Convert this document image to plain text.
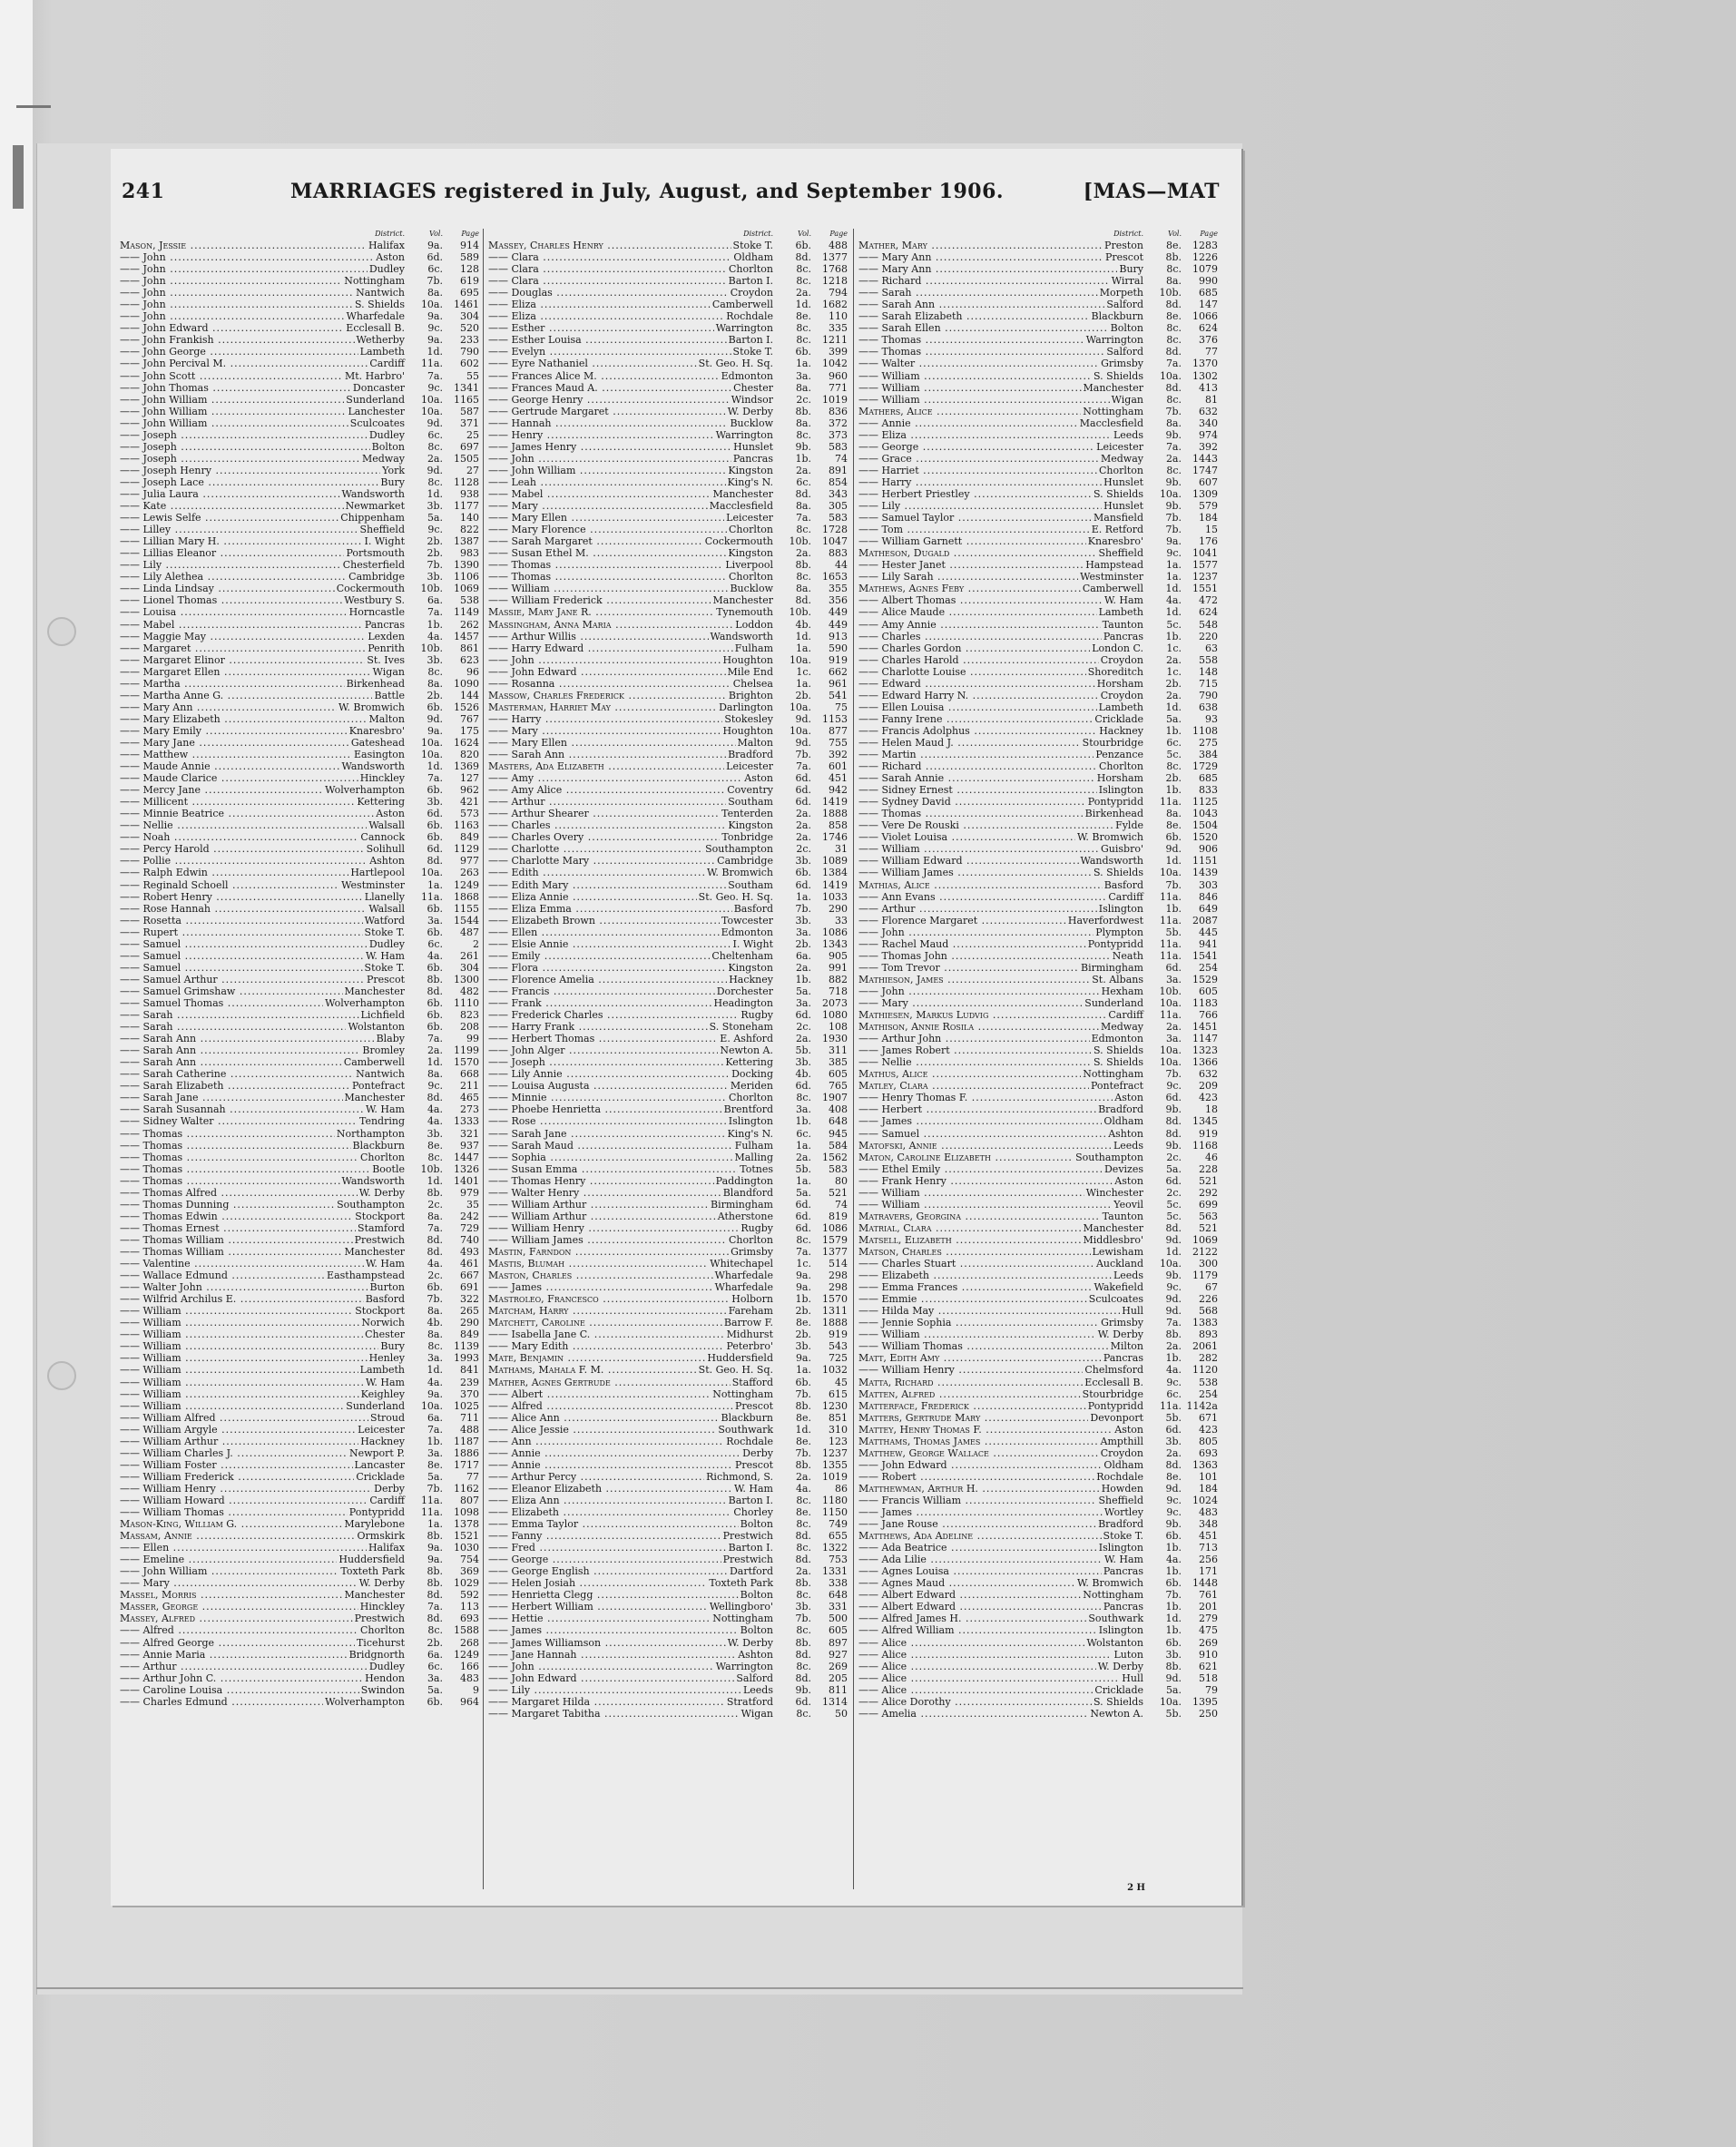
241	MARRIAGES registered in July, August, and September 1906.	[MAS—MAT
District.	Vol.	Page
Mason, Jessie .....	Halifax	9a.	914
—— John .....	Aston	6d.	589
—— John .....	Dudley	6c.	128
—— John .....	Nottingham	7b.	619
—— John .....	Nantwich	8a.	695
—— John .....	S. Shields	10a.	1461
—— John .....	Wharfedale	9a.	304
—— John Edward .....	Ecclesall B.	9c.	520
—— John Frankish .....	Wetherby	9a.	233
—— John George .....	Lambeth	1d.	790
—— John Percival M. .....	Cardiff	11a.	602
—— John Scott .....	Mt. Harbro'	7a.	55
—— John Thomas .....	Doncaster	9c.	1341
—— John William .....	Sunderland	10a.	1165
—— John William .....	Lanchester	10a.	587
—— John William .....	Sculcoates	9d.	371
—— Joseph .....	Dudley	6c.	25
—— Joseph .....	Bolton	8c.	697
—— Joseph .....	Medway	2a.	1505
—— Joseph Henry .....	York	9d.	27
—— Joseph Lace .....	Bury	8c.	1128
—— Julia Laura .....	Wandsworth	1d.	938
—— Kate .....	Newmarket	3b.	1177
—— Lewis Selfe .....	Chippenham	5a.	140
—— Lilley .....	Sheffield	9c.	822
—— Lillian Mary H. .....	I. Wight	2b.	1387
—— Lillias Eleanor .....	Portsmouth	2b.	983
—— Lily .....	Chesterfield	7b.	1390
—— Lily Alethea .....	Cambridge	3b.	1106
—— Linda Lindsay .....	Cockermouth	10b.	1069
—— Lionel Thomas .....	Westbury S.	6a.	538
—— Louisa .....	Horncastle	7a.	1149
—— Mabel .....	Pancras	1b.	262
—— Maggie May .....	Lexden	4a.	1457
—— Margaret .....	Penrith	10b.	861
—— Margaret Elinor .....	St. Ives	3b.	623
—— Margaret Ellen .....	Wigan	8c.	96
—— Martha .....	Birkenhead	8a.	1090
—— Martha Anne G. .....	Battle	2b.	144
—— Mary Ann .....	W. Bromwich	6b.	1526
—— Mary Elizabeth .....	Malton	9d.	767
—— Mary Emily .....	Knaresbro'	9a.	175
—— Mary Jane .....	Gateshead	10a.	1624
—— Matthew .....	Easington	10a.	820
—— Maude Annie .....	Wandsworth	1d.	1369
—— Maude Clarice .....	Hinckley	7a.	127
—— Mercy Jane .....	Wolverhampton	6b.	962
—— Millicent .....	Kettering	3b.	421
—— Minnie Beatrice .....	Aston	6d.	573
—— Nellie .....	Walsall	6b.	1163
—— Noah .....	Cannock	6b.	849
—— Percy Harold .....	Solihull	6d.	1129
—— Pollie .....	Ashton	8d.	977
—— Ralph Edwin .....	Hartlepool	10a.	263
—— Reginald Schoell .....	Westminster	1a.	1249
—— Robert Henry .....	Llanelly	11a.	1868
—— Rose Hannah .....	Walsall	6b.	1155
—— Rosetta .....	Watford	3a.	1544
—— Rupert .....	Stoke T.	6b.	487
—— Samuel .....	Dudley	6c.	2
—— Samuel .....	W. Ham	4a.	261
—— Samuel .....	Stoke T.	6b.	304
—— Samuel Arthur .....	Prescot	8b.	1300
—— Samuel Grimshaw .....	Manchester	8d.	482
—— Samuel Thomas .....	Wolverhampton	6b.	1110
—— Sarah .....	Lichfield	6b.	823
—— Sarah .....	Wolstanton	6b.	208
—— Sarah Ann .....	Blaby	7a.	99
—— Sarah Ann .....	Bromley	2a.	1199
—— Sarah Ann .....	Camberwell	1d.	1570
—— Sarah Catherine .....	Nantwich	8a.	668
—— Sarah Elizabeth .....	Pontefract	9c.	211
—— Sarah Jane .....	Manchester	8d.	465
—— Sarah Susannah .....	W. Ham	4a.	273
—— Sidney Walter .....	Tendring	4a.	1333
—— Thomas .....	Northampton	3b.	321
—— Thomas .....	Blackburn	8e.	937
—— Thomas .....	Chorlton	8c.	1447
—— Thomas .....	Bootle	10b.	1326
—— Thomas .....	Wandsworth	1d.	1401
—— Thomas Alfred .....	W. Derby	8b.	979
—— Thomas Dunning .....	Southampton	2c.	35
—— Thomas Edwin .....	Stockport	8a.	242
—— Thomas Ernest .....	Stamford	7a.	729
—— Thomas William .....	Prestwich	8d.	740
—— Thomas William .....	Manchester	8d.	493
—— Valentine .....	W. Ham	4a.	461
—— Wallace Edmund .....	Easthampstead	2c.	667
—— Walter John .....	Burton	6b.	691
—— Wilfrid Archilus E. .....	Basford	7b.	322
—— William .....	Stockport	8a.	265
—— William .....	Norwich	4b.	290
—— William .....	Chester	8a.	849
—— William .....	Bury	8c.	1139
—— William .....	Henley	3a.	1993
—— William .....	Lambeth	1d.	841
—— William .....	W. Ham	4a.	239
—— William .....	Keighley	9a.	370
—— William .....	Sunderland	10a.	1025
—— William Alfred .....	Stroud	6a.	711
—— William Argyle .....	Leicester	7a.	488
—— William Arthur .....	Hackney	1b.	1187
—— William Charles J. .....	Newport P.	3a.	1886
—— William Foster .....	Lancaster	8e.	1717
—— William Frederick .....	Cricklade	5a.	77
—— William Henry .....	Derby	7b.	1162
—— William Howard .....	Cardiff	11a.	807
—— William Thomas .....	Pontypridd	11a.	1098
Mason-King, William G. .....	Marylebone	1a.	1378
Massam, Annie .....	Ormskirk	8b.	1521
—— Ellen .....	Halifax	9a.	1030
—— Emeline .....	Huddersfield	9a.	754
—— John William .....	Toxteth Park	8b.	369
—— Mary .....	W. Derby	8b.	1029
Massel, Morris .....	Manchester	8d.	592
Masser, George .....	Hinckley	7a.	113
Massey, Alfred .....	Prestwich	8d.	693
—— Alfred .....	Chorlton	8c.	1588
—— Alfred George .....	Ticehurst	2b.	268
—— Annie Maria .....	Bridgnorth	6a.	1249
—— Arthur .....	Dudley	6c.	166
—— Arthur John C. .....	Hendon	3a.	483
—— Caroline Louisa .....	Swindon	5a.	9
—— Charles Edmund .....	Wolverhampton	6b.	964
District.	Vol.	Page
Massey, Charles Henry .....	Stoke T.	6b.	488
—— Clara .....	Oldham	8d.	1377
—— Clara .....	Chorlton	8c.	1768
—— Clara .....	Barton I.	8c.	1218
—— Douglas .....	Croydon	2a.	794
—— Eliza .....	Camberwell	1d.	1682
—— Eliza .....	Rochdale	8e.	110
—— Esther .....	Warrington	8c.	335
—— Esther Louisa .....	Barton I.	8c.	1211
—— Evelyn .....	Stoke T.	6b.	399
—— Eyre Nathaniel .....	St. Geo. H. Sq.	1a.	1042
—— Frances Alice M. .....	Edmonton	3a.	960
—— Frances Maud A. .....	Chester	8a.	771
—— George Henry .....	Windsor	2c.	1019
—— Gertrude Margaret .....	W. Derby	8b.	836
—— Hannah .....	Bucklow	8a.	372
—— Henry .....	Warrington	8c.	373
—— James Henry .....	Hunslet	9b.	583
—— John .....	Pancras	1b.	74
—— John William .....	Kingston	2a.	891
—— Leah .....	King's N.	6c.	854
—— Mabel .....	Manchester	8d.	343
—— Mary .....	Macclesfield	8a.	305
—— Mary Ellen .....	Leicester	7a.	583
—— Mary Florence .....	Chorlton	8c.	1728
—— Sarah Margaret .....	Cockermouth	10b.	1047
—— Susan Ethel M. .....	Kingston	2a.	883
—— Thomas .....	Liverpool	8b.	44
—— Thomas .....	Chorlton	8c.	1653
—— William .....	Bucklow	8a.	355
—— William Frederick .....	Manchester	8d.	356
Massie, Mary Jane R. .....	Tynemouth	10b.	449
Massingham, Anna Maria .....	Loddon	4b.	449
—— Arthur Willis .....	Wandsworth	1d.	913
—— Harry Edward .....	Fulham	1a.	590
—— John .....	Houghton	10a.	919
—— John Edward .....	Mile End	1c.	662
—— Rosanna .....	Chelsea	1a.	961
Massow, Charles Frederick .....	Brighton	2b.	541
Masterman, Harriet May .....	Darlington	10a.	75
—— Harry .....	Stokesley	9d.	1153
—— Mary .....	Houghton	10a.	877
—— Mary Ellen .....	Malton	9d.	755
—— Sarah Ann .....	Bradford	7b.	392
Masters, Ada Elizabeth .....	Leicester	7a.	601
—— Amy .....	Aston	6d.	451
—— Amy Alice .....	Coventry	6d.	942
—— Arthur .....	Southam	6d.	1419
—— Arthur Shearer .....	Tenterden	2a.	1888
—— Charles .....	Kingston	2a.	858
—— Charles Overy .....	Tonbridge	2a.	1746
—— Charlotte .....	Southampton	2c.	31
—— Charlotte Mary .....	Cambridge	3b.	1089
—— Edith .....	W. Bromwich	6b.	1384
—— Edith Mary .....	Southam	6d.	1419
—— Eliza Annie .....	St. Geo. H. Sq.	1a.	1033
—— Eliza Emma .....	Basford	7b.	290
—— Elizabeth Brown .....	Towcester	3b.	33
—— Ellen .....	Edmonton	3a.	1086
—— Elsie Annie .....	I. Wight	2b.	1343
—— Emily .....	Cheltenham	6a.	905
—— Flora .....	Kingston	2a.	991
—— Florence Amelia .....	Hackney	1b.	882
—— Francis .....	Dorchester	5a.	718
—— Frank .....	Headington	3a.	2073
—— Frederick Charles .....	Rugby	6d.	1080
—— Harry Frank .....	S. Stoneham	2c.	108
—— Herbert Thomas .....	E. Ashford	2a.	1930
—— John Alger .....	Newton A.	5b.	311
—— Joseph .....	Kettering	3b.	385
—— Lily Annie .....	Docking	4b.	605
—— Louisa Augusta .....	Meriden	6d.	765
—— Minnie .....	Chorlton	8c.	1907
—— Phoebe Henrietta .....	Brentford	3a.	408
—— Rose .....	Islington	1b.	648
—— Sarah Jane .....	King's N.	6c.	945
—— Sarah Maud .....	Fulham	1a.	584
—— Sophia .....	Malling	2a.	1562
—— Susan Emma .....	Totnes	5b.	583
—— Thomas Henry .....	Paddington	1a.	80
—— Walter Henry .....	Blandford	5a.	521
—— William Arthur .....	Birmingham	6d.	74
—— William Arthur .....	Atherstone	6d.	819
—— William Henry .....	Rugby	6d.	1086
—— William James .....	Chorlton	8c.	1579
Mastin, Farndon .....	Grimsby	7a.	1377
Mastis, Blumah .....	Whitechapel	1c.	514
Maston, Charles .....	Wharfedale	9a.	298
—— James .....	Wharfedale	9a.	298
Mastroleo, Francesco .....	Holborn	1b.	1570
Matcham, Harry .....	Fareham	2b.	1311
Matchett, Caroline .....	Barrow F.	8e.	1888
—— Isabella Jane C. .....	Midhurst	2b.	919
—— Mary Edith .....	Peterbro'	3b.	543
Mate, Benjamin .....	Huddersfield	9a.	725
Mathams, Mahala F. M. .....	St. Geo. H. Sq.	1a.	1032
Mather, Agnes Gertrude .....	Stafford	6b.	45
—— Albert .....	Nottingham	7b.	615
—— Alfred .....	Prescot	8b.	1230
—— Alice Ann .....	Blackburn	8e.	851
—— Alice Jessie .....	Southwark	1d.	310
—— Ann .....	Rochdale	8e.	123
—— Annie .....	Derby	7b.	1237
—— Annie .....	Prescot	8b.	1355
—— Arthur Percy .....	Richmond, S.	2a.	1019
—— Eleanor Elizabeth .....	W. Ham	4a.	86
—— Eliza Ann .....	Barton I.	8c.	1180
—— Elizabeth .....	Chorley	8e.	1150
—— Emma Taylor .....	Bolton	8c.	749
—— Fanny .....	Prestwich	8d.	655
—— Fred .....	Barton I.	8c.	1322
—— George .....	Prestwich	8d.	753
—— George English .....	Dartford	2a.	1331
—— Helen Josiah .....	Toxteth Park	8b.	338
—— Henrietta Clegg .....	Bolton	8c.	648
—— Herbert William .....	Wellingboro'	3b.	331
—— Hettie .....	Nottingham	7b.	500
—— James .....	Bolton	8c.	605
—— James Williamson .....	W. Derby	8b.	897
—— Jane Hannah .....	Ashton	8d.	927
—— John .....	Warrington	8c.	269
—— John Edward .....	Salford	8d.	205
—— Lily .....	Leeds	9b.	811
—— Margaret Hilda .....	Stratford	6d.	1314
—— Margaret Tabitha .....	Wigan	8c.	50
District.	Vol.	Page
Mather, Mary .....	Preston	8e.	1283
—— Mary Ann .....	Prescot	8b.	1226
—— Mary Ann .....	Bury	8c.	1079
—— Richard .....	Wirral	8a.	990
—— Sarah .....	Morpeth	10b.	685
—— Sarah Ann .....	Salford	8d.	147
—— Sarah Elizabeth .....	Blackburn	8e.	1066
—— Sarah Ellen .....	Bolton	8c.	624
—— Thomas .....	Warrington	8c.	376
—— Thomas .....	Salford	8d.	77
—— Walter .....	Grimsby	7a.	1370
—— William .....	S. Shields	10a.	1302
—— William .....	Manchester	8d.	413
—— William .....	Wigan	8c.	81
Mathers, Alice .....	Nottingham	7b.	632
—— Annie .....	Macclesfield	8a.	340
—— Eliza .....	Leeds	9b.	974
—— George .....	Leicester	7a.	392
—— Grace .....	Medway	2a.	1443
—— Harriet .....	Chorlton	8c.	1747
—— Harry .....	Hunslet	9b.	607
—— Herbert Priestley .....	S. Shields	10a.	1309
—— Lily .....	Hunslet	9b.	579
—— Samuel Taylor .....	Mansfield	7b.	184
—— Tom .....	E. Retford	7b.	15
—— William Garnett .....	Knaresbro'	9a.	176
Matheson, Dugald .....	Sheffield	9c.	1041
—— Hester Janet .....	Hampstead	1a.	1577
—— Lily Sarah .....	Westminster	1a.	1237
Mathews, Agnes Feby .....	Camberwell	1d.	1551
—— Albert Thomas .....	W. Ham	4a.	472
—— Alice Maude .....	Lambeth	1d.	624
—— Amy Annie .....	Taunton	5c.	548
—— Charles .....	Pancras	1b.	220
—— Charles Gordon .....	London C.	1c.	63
—— Charles Harold .....	Croydon	2a.	558
—— Charlotte Louise .....	Shoreditch	1c.	148
—— Edward .....	Horsham	2b.	715
—— Edward Harry N. .....	Croydon	2a.	790
—— Ellen Louisa .....	Lambeth	1d.	638
—— Fanny Irene .....	Cricklade	5a.	93
—— Francis Adolphus .....	Hackney	1b.	1108
—— Helen Maud J. .....	Stourbridge	6c.	275
—— Martin .....	Penzance	5c.	384
—— Richard .....	Chorlton	8c.	1729
—— Sarah Annie .....	Horsham	2b.	685
—— Sidney Ernest .....	Islington	1b.	833
—— Sydney David .....	Pontypridd	11a.	1125
—— Thomas .....	Birkenhead	8a.	1043
—— Vere De Rouski .....	Fylde	8e.	1504
—— Violet Louisa .....	W. Bromwich	6b.	1520
—— William .....	Guisbro'	9d.	906
—— William Edward .....	Wandsworth	1d.	1151
—— William James .....	S. Shields	10a.	1439
Mathias, Alice .....	Basford	7b.	303
—— Ann Evans .....	Cardiff	11a.	846
—— Arthur .....	Islington	1b.	649
—— Florence Margaret .....	Haverfordwest	11a.	2087
—— John .....	Plympton	5b.	445
—— Rachel Maud .....	Pontypridd	11a.	941
—— Thomas John .....	Neath	11a.	1541
—— Tom Trevor .....	Birmingham	6d.	254
Mathieson, James .....	St. Albans	3a.	1529
—— John .....	Hexham	10b.	605
—— Mary .....	Sunderland	10a.	1183
Mathiesen, Markus Ludvig .....	Cardiff	11a.	766
Mathison, Annie Rosila .....	Medway	2a.	1451
—— Arthur John .....	Edmonton	3a.	1147
—— James Robert .....	S. Shields	10a.	1323
—— Nellie .....	S. Shields	10a.	1366
Mathus, Alice .....	Nottingham	7b.	632
Matley, Clara .....	Pontefract	9c.	209
—— Henry Thomas F. .....	Aston	6d.	423
—— Herbert .....	Bradford	9b.	18
—— James .....	Oldham	8d.	1345
—— Samuel .....	Ashton	8d.	919
Matofski, Annie .....	Leeds	9b.	1168
Maton, Caroline Elizabeth .....	Southampton	2c.	46
—— Ethel Emily .....	Devizes	5a.	228
—— Frank Henry .....	Aston	6d.	521
—— William .....	Winchester	2c.	292
—— William .....	Yeovil	5c.	699
Matravers, Georgina .....	Taunton	5c.	563
Matrial, Clara .....	Manchester	8d.	521
Matsell, Elizabeth .....	Middlesbro'	9d.	1069
Matson, Charles .....	Lewisham	1d.	2122
—— Charles Stuart .....	Auckland	10a.	300
—— Elizabeth .....	Leeds	9b.	1179
—— Emma Frances .....	Wakefield	9c.	67
—— Emmie .....	Sculcoates	9d.	226
—— Hilda May .....	Hull	9d.	568
—— Jennie Sophia .....	Grimsby	7a.	1383
—— William .....	W. Derby	8b.	893
—— William Thomas .....	Milton	2a.	2061
Matt, Edith Amy .....	Pancras	1b.	282
—— William Henry .....	Chelmsford	4a.	1120
Matta, Richard .....	Ecclesall B.	9c.	538
Matten, Alfred .....	Stourbridge	6c.	254
Matterface, Frederick .....	Pontypridd	11a. 1142a
Matters, Gertrude Mary .....	Devonport	5b.	671
Mattey, Henry Thomas F. .....	Aston	6d.	423
Matthams, Thomas James .....	Ampthill	3b.	805
Matthew, George Wallace .....	Croydon	2a.	693
—— John Edward .....	Oldham	8d.	1363
—— Robert .....	Rochdale	8e.	101
Matthewman, Arthur H. .....	Howden	9d.	184
—— Francis William .....	Sheffield	9c.	1024
—— James .....	Wortley	9c.	483
—— Jane Rouse .....	Bradford	9b.	348
Matthews, Ada Adeline .....	Stoke T.	6b.	451
—— Ada Beatrice .....	Islington	1b.	713
—— Ada Lilie .....	W. Ham	4a.	256
—— Agnes Louisa .....	Pancras	1b.	171
—— Agnes Maud .....	W. Bromwich	6b.	1448
—— Albert Edward .....	Nottingham	7b.	761
—— Albert Edward .....	Pancras	1b.	201
—— Alfred James H. .....	Southwark	1d.	279
—— Alfred William .....	Islington	1b.	475
—— Alice .....	Wolstanton	6b.	269
—— Alice .....	Luton	3b.	910
—— Alice .....	W. Derby	8b.	621
—— Alice .....	Hull	9d.	518
—— Alice .....	Cricklade	5a.	79
—— Alice Dorothy .....	S. Shields	10a.	1395
—— Amelia .....	Newton A.	5b.	250
2 H
